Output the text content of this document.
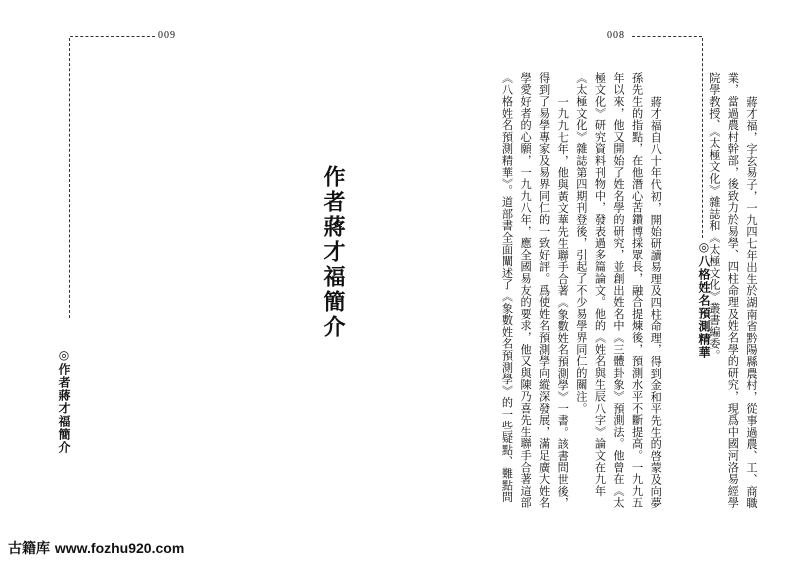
009	008
◎作者蔣才福簡介
◎八格姓名預測精華
作者蔣才福簡介	蔣才福，字玄易子，一九四七年出生於湖南省黔陽縣農村，從事過農、工、商職
業，當過農村幹部，後致力於易學、四柱命理及姓名學的研究，現爲中國河洛易經學
院學教授、《太極文化》雜誌和《太極文化》叢書編委。
蔣才福自八十年代初，開始研讀易理及四柱命理，得到金和平先生的啓蒙及向夢
孫先生的指點，在他潛心苦鑽博採眾長，融合提煉後，預測水平不斷提高。一九九五
年以來，他又開始了姓名學的研究，並創出姓名中《三體卦象》預測法。他曾在《太
極文化》研究資料刊物中，發表過多篇論文。他的《姓名與生辰八字》論文在九年
《太極文化》雜誌第四期刊登後，引起了不少易學界同仁的關注。
一九九七年，他與黃文華先生聯手合著《象數姓名預測學》一書。該書問世後，
得到了易學專家及易界同仁的一致好評。爲使姓名預測學向縱深發展，滿足廣大姓名
學愛好者的心願，一九九八年，應全國易友的要求，他又與陳乃喜先生聯手合著這部
《八格姓名預測精華》。道部書全面闡述了《象數姓名預測學》的一些疑點、難點問
古籍库 www.fozhu920.com
